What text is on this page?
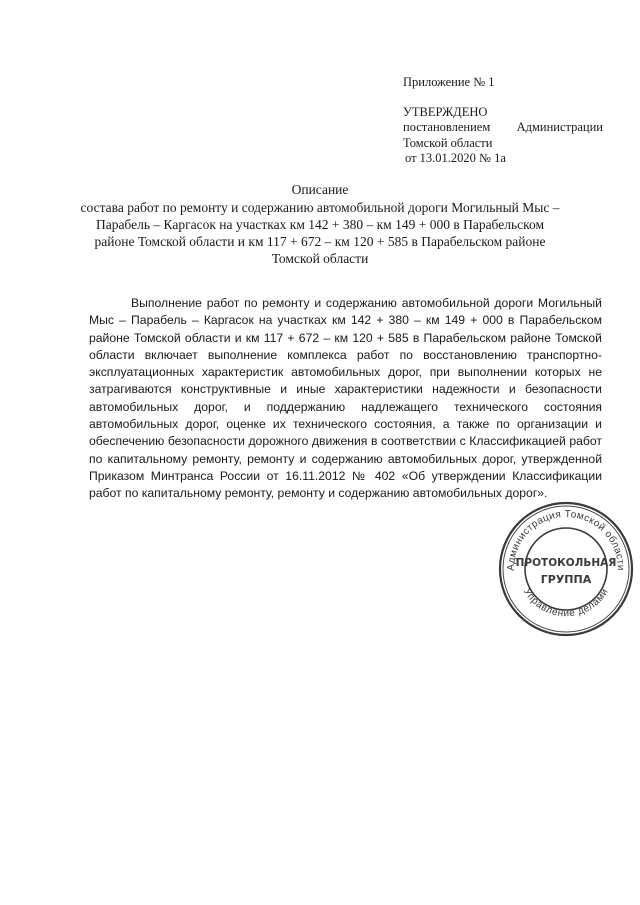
Приложение № 1
УТВЕРЖДЕНО
постановлением Администрации
Томской области
от 13.01.2020 № 1а
Описание
состава работ по ремонту и содержанию автомобильной дороги Могильный Мыс –
Парабель – Каргасок на участках км 142 + 380 – км 149 + 000 в Парабельском
районе Томской области и км 117 + 672 – км 120 + 585 в Парабельском районе
Томской области
Выполнение работ по ремонту и содержанию автомобильной дороги Могильный Мыс – Парабель – Каргасок на участках км 142 + 380 – км 149 + 000 в Парабельском районе Томской области и км 117 + 672 – км 120 + 585 в Парабельском районе Томской области включает выполнение комплекса работ по восстановлению транспортно-эксплуатационных характеристик автомобильных дорог, при выполнении которых не затрагиваются конструктивные и иные характеристики надежности и безопасности автомобильных дорог, и поддержанию надлежащего технического состояния автомобильных дорог, оценке их технического состояния, а также по организации и обеспечению безопасности дорожного движения в соответствии с Классификацией работ по капитальному ремонту, ремонту и содержанию автомобильных дорог, утвержденной Приказом Минтранса России от 16.11.2012 № 402 «Об утверждении Классификации работ по капитальному ремонту, ремонту и содержанию автомобильных дорог».
Администрация Томской области
Управление делами
ПРОТОКОЛЬНАЯ
ГРУППА
